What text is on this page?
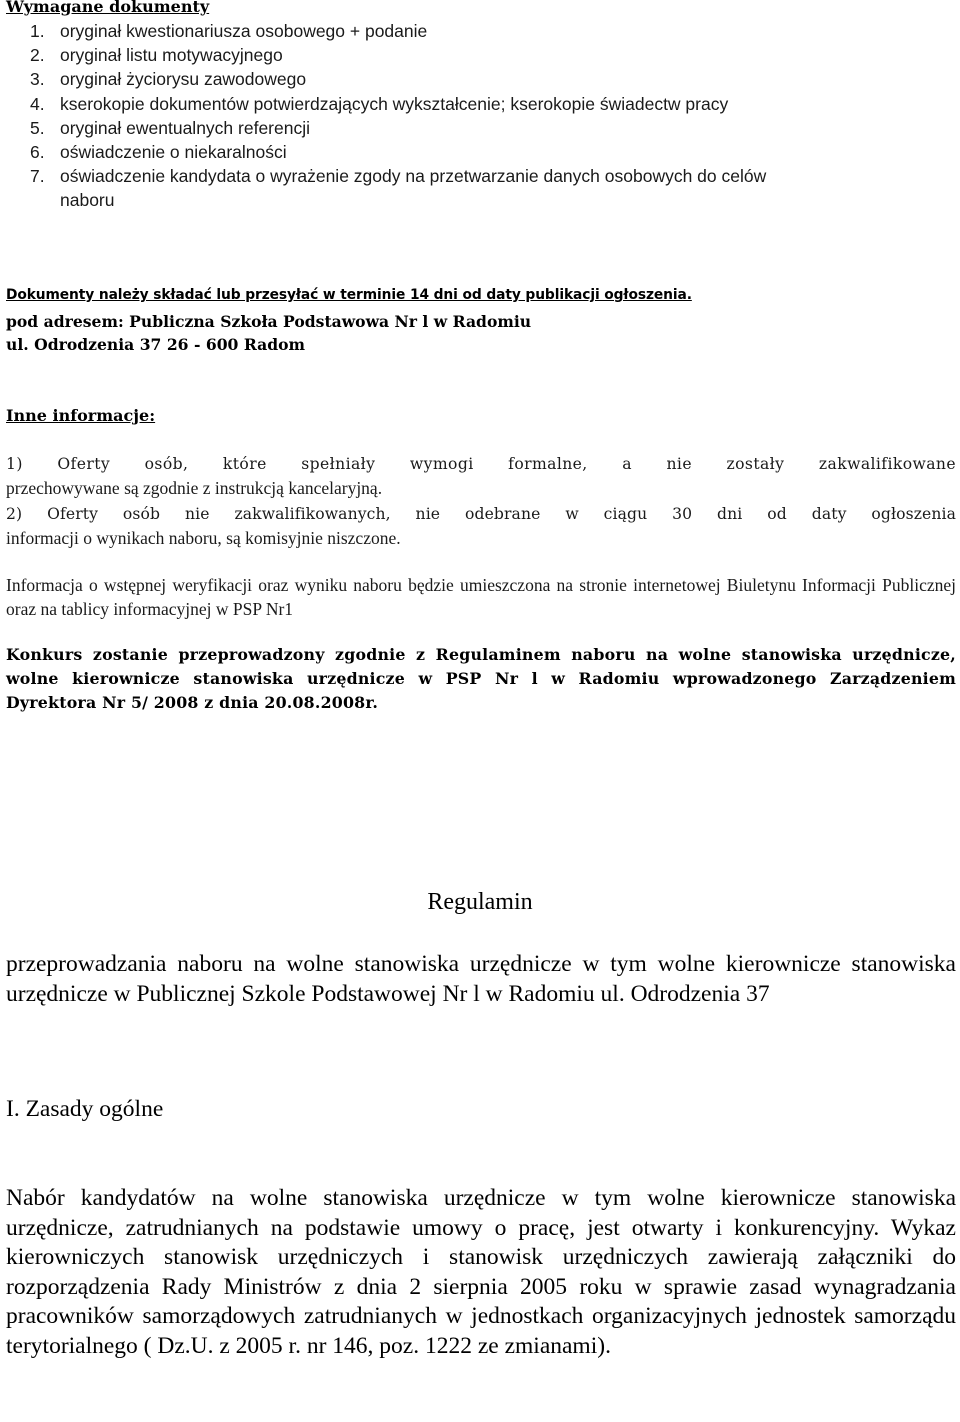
Wymagane dokumenty
1. oryginał kwestionariusza osobowego + podanie
2. oryginał listu motywacyjnego
3. oryginał życiorysu zawodowego
4. kserokopie dokumentów potwierdzających wykształcenie; kserokopie świadectw pracy
5. oryginał ewentualnych referencji
6. oświadczenie o niekaralności
7. oświadczenie kandydata o wyrażenie zgody na przetwarzanie danych osobowych do celów naboru

Dokumenty należy składać lub przesyłać w terminie 14 dni od daty publikacji ogłoszenia.

pod adresem: Publiczna Szkoła Podstawowa Nr l w Radomiu

ul. Odrodzenia 37 26 - 600 Radom

Inne informacje:
1) Oferty osób, które spełniały wymogi formalne, a nie zostały zakwalifikowane
przechowywane są zgodnie z instrukcją kancelaryjną.
2) Oferty osób nie zakwalifikowanych, nie odebrane w ciągu 30 dni od daty ogłoszenia
informacji o wynikach naboru, są komisyjnie niszczone.

Informacja o wstępnej weryfikacji oraz wyniku naboru będzie umieszczona na stronie internetowej Biuletynu Informacji Publicznej oraz na tablicy informacyjnej w PSP Nr1

Konkurs zostanie przeprowadzony zgodnie z Regulaminem naboru na wolne stanowiska urzędnicze, wolne kierownicze stanowiska urzędnicze w PSP Nr l w Radomiu wprowadzonego Zarządzeniem Dyrektora Nr 5/ 2008 z dnia 20.08.2008r.

Regulamin

przeprowadzania naboru na wolne stanowiska urzędnicze w tym wolne kierownicze stanowiska urzędnicze w Publicznej Szkole Podstawowej Nr l w Radomiu ul. Odrodzenia 37

I. Zasady ogólne

Nabór kandydatów na wolne stanowiska urzędnicze w tym wolne kierownicze stanowiska urzędnicze, zatrudnianych na podstawie umowy o pracę, jest otwarty i konkurencyjny. Wykaz kierowniczych stanowisk urzędniczych i stanowisk urzędniczych zawierają załączniki do rozporządzenia Rady Ministrów z dnia 2 sierpnia 2005 roku w sprawie zasad wynagradzania pracowników samorządowych zatrudnianych w jednostkach organizacyjnych jednostek samorządu terytorialnego ( Dz.U. z 2005 r. nr 146, poz. 1222 ze zmianami).
